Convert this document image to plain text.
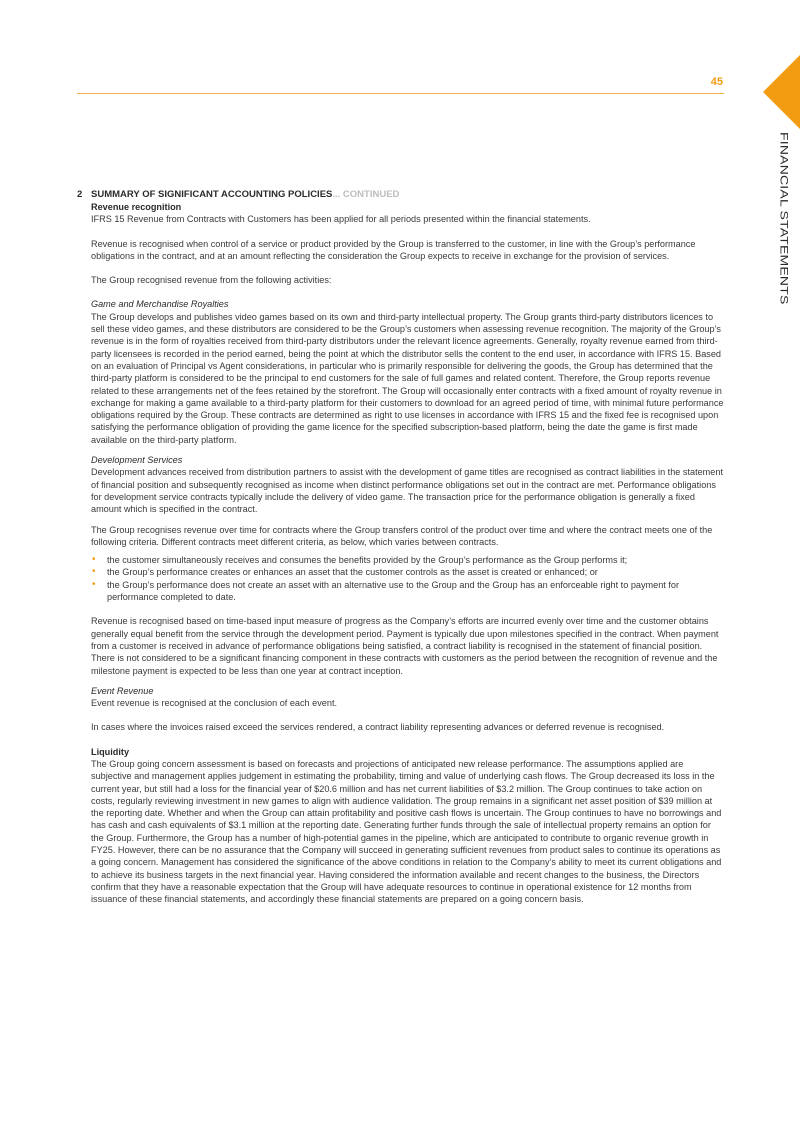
45
FINANCIAL STATEMENTS
2 SUMMARY OF SIGNIFICANT ACCOUNTING POLICIES... CONTINUED
Revenue recognition

IFRS 15 Revenue from Contracts with Customers has been applied for all periods presented within the financial statements.

Revenue is recognised when control of a service or product provided by the Group is transferred to the customer, in line with the Group’s performance obligations in the contract, and at an amount reflecting the consideration the Group expects to receive in exchange for the provision of services.

The Group recognised revenue from the following activities:

Game and Merchandise Royalties

The Group develops and publishes video games based on its own and third-party intellectual property. The Group grants third-party distributors licences to sell these video games, and these distributors are considered to be the Group’s customers when assessing revenue recognition. The majority of the Group’s revenue is in the form of royalties received from third-party distributors under the relevant licence agreements. Generally, royalty revenue earned from third-party licensees is recorded in the period earned, being the point at which the distributor sells the content to the end user, in accordance with IFRS 15. Based on an evaluation of Principal vs Agent considerations, in particular who is primarily responsible for delivering the goods, the Group has determined that the third-party platform is considered to be the principal to end customers for the sale of full games and related content. Therefore, the Group reports revenue related to these arrangements net of the fees retained by the storefront. The Group will occasionally enter contracts with a fixed amount of royalty revenue in exchange for making a game available to a third-party platform for their customers to download for an agreed period of time, with minimal future performance obligations required by the Group. These contracts are determined as right to use licenses in accordance with IFRS 15 and the fixed fee is recognised upon satisfying the performance obligation of providing the game licence for the specified subscription-based platform, being the date the game is first made available on the third-party platform.

Development Services

Development advances received from distribution partners to assist with the development of game titles are recognised as contract liabilities in the statement of financial position and subsequently recognised as income when distinct performance obligations set out in the contract are met. Performance obligations for development service contracts typically include the delivery of video game. The transaction price for the performance obligation is generally a fixed amount which is specified in the contract.

The Group recognises revenue over time for contracts where the Group transfers control of the product over time and where the contract meets one of the following criteria. Different contracts meet different criteria, as below, which varies between contracts.

• the customer simultaneously receives and consumes the benefits provided by the Group’s performance as the Group performs it;
• the Group’s performance creates or enhances an asset that the customer controls as the asset is created or enhanced; or
• the Group’s performance does not create an asset with an alternative use to the Group and the Group has an enforceable right to payment for performance completed to date.

Revenue is recognised based on time-based input measure of progress as the Company’s efforts are incurred evenly over time and the customer obtains generally equal benefit from the service through the development period. Payment is typically due upon milestones specified in the contract. When payment from a customer is received in advance of performance obligations being satisfied, a contract liability is recognised in the statement of financial position. There is not considered to be a significant financing component in these contracts with customers as the period between the recognition of revenue and the milestone payment is expected to be less than one year at contract inception.

Event Revenue

Event revenue is recognised at the conclusion of each event.

In cases where the invoices raised exceed the services rendered, a contract liability representing advances or deferred revenue is recognised.

Liquidity

The Group going concern assessment is based on forecasts and projections of anticipated new release performance. The assumptions applied are subjective and management applies judgement in estimating the probability, timing and value of underlying cash flows. The Group decreased its loss in the current year, but still had a loss for the financial year of $20.6 million and has net current liabilities of $3.2 million. The Group continues to take action on costs, regularly reviewing investment in new games to align with audience validation. The group remains in a significant net asset position of $39 million at the reporting date. Whether and when the Group can attain profitability and positive cash flows is uncertain. The Group continues to have no borrowings and has cash and cash equivalents of $3.1 million at the reporting date. Generating further funds through the sale of intellectual property remains an option for the Group. Furthermore, the Group has a number of high-potential games in the pipeline, which are anticipated to contribute to organic revenue growth in FY25. However, there can be no assurance that the Company will succeed in generating sufficient revenues from product sales to continue its operations as a going concern. Management has considered the significance of the above conditions in relation to the Company’s ability to meet its current obligations and to achieve its business targets in the next financial year. Having considered the information available and recent changes to the business, the Directors confirm that they have a reasonable expectation that the Group will have adequate resources to continue in operational existence for 12 months from issuance of these financial statements, and accordingly these financial statements are prepared on a going concern basis.
